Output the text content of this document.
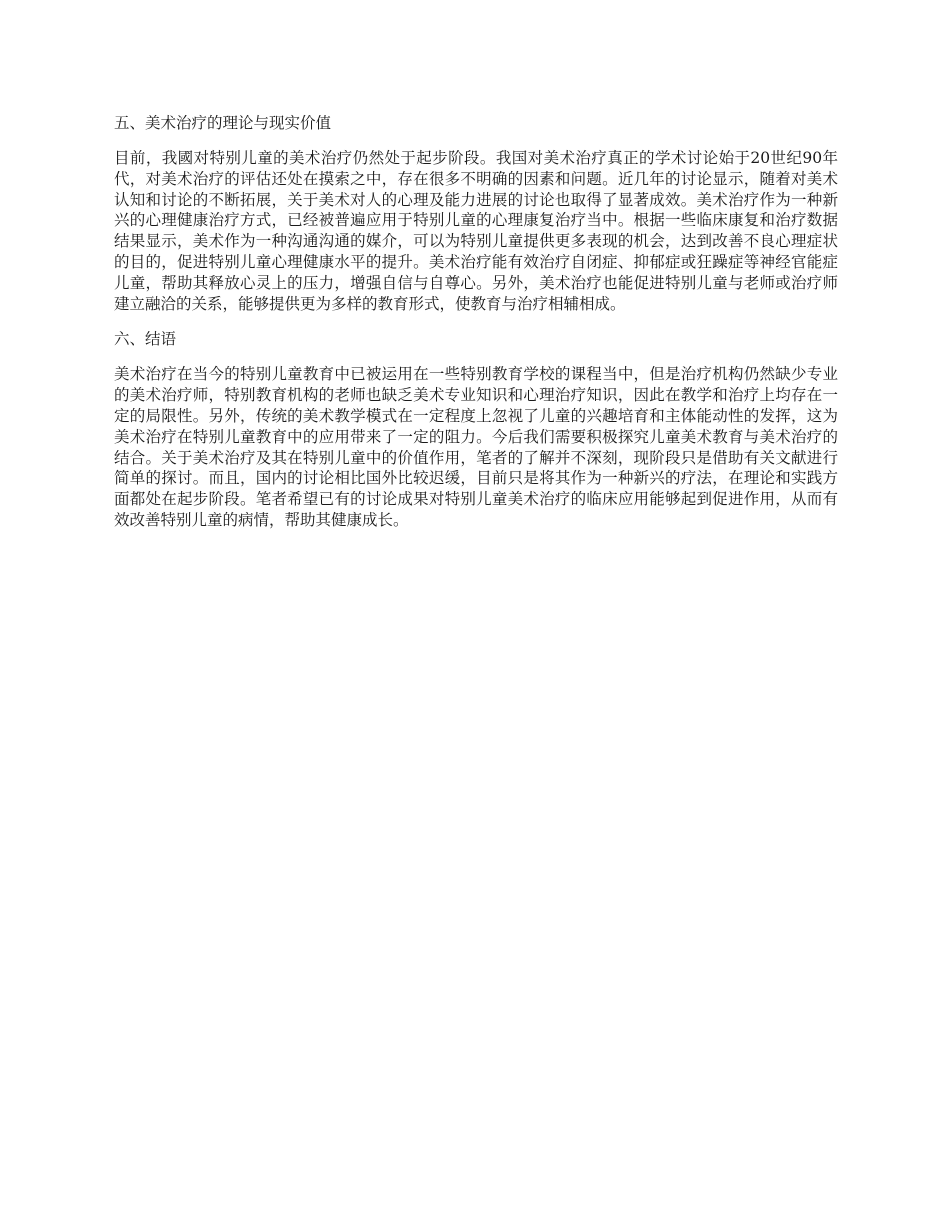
五、美术治疗的理论与现实价值

目前，我國对特别儿童的美术治疗仍然处于起步阶段。我国对美术治疗真正的学术讨论始于20世纪90年代，对美术治疗的评估还处在摸索之中，存在很多不明确的因素和问题。近几年的讨论显示，随着对美术认知和讨论的不断拓展，关于美术对人的心理及能力进展的讨论也取得了显著成效。美术治疗作为一种新兴的心理健康治疗方式，已经被普遍应用于特别儿童的心理康复治疗当中。根据一些临床康复和治疗数据结果显示，美术作为一种沟通沟通的媒介，可以为特别儿童提供更多表现的机会，达到改善不良心理症状的目的，促进特别儿童心理健康水平的提升。美术治疗能有效治疗自闭症、抑郁症或狂躁症等神经官能症儿童，帮助其释放心灵上的压力，增强自信与自尊心。另外，美术治疗也能促进特别儿童与老师或治疗师建立融洽的关系，能够提供更为多样的教育形式，使教育与治疗相辅相成。

六、结语

美术治疗在当今的特别儿童教育中已被运用在一些特别教育学校的课程当中，但是治疗机构仍然缺少专业的美术治疗师，特别教育机构的老师也缺乏美术专业知识和心理治疗知识，因此在教学和治疗上均存在一定的局限性。另外，传统的美术教学模式在一定程度上忽视了儿童的兴趣培育和主体能动性的发挥，这为美术治疗在特别儿童教育中的应用带来了一定的阻力。今后我们需要积极探究儿童美术教育与美术治疗的结合。关于美术治疗及其在特别儿童中的价值作用，笔者的了解并不深刻，现阶段只是借助有关文献进行简单的探讨。而且，国内的讨论相比国外比较迟缓，目前只是将其作为一种新兴的疗法，在理论和实践方面都处在起步阶段。笔者希望已有的讨论成果对特别儿童美术治疗的临床应用能够起到促进作用，从而有效改善特别儿童的病情，帮助其健康成长。
